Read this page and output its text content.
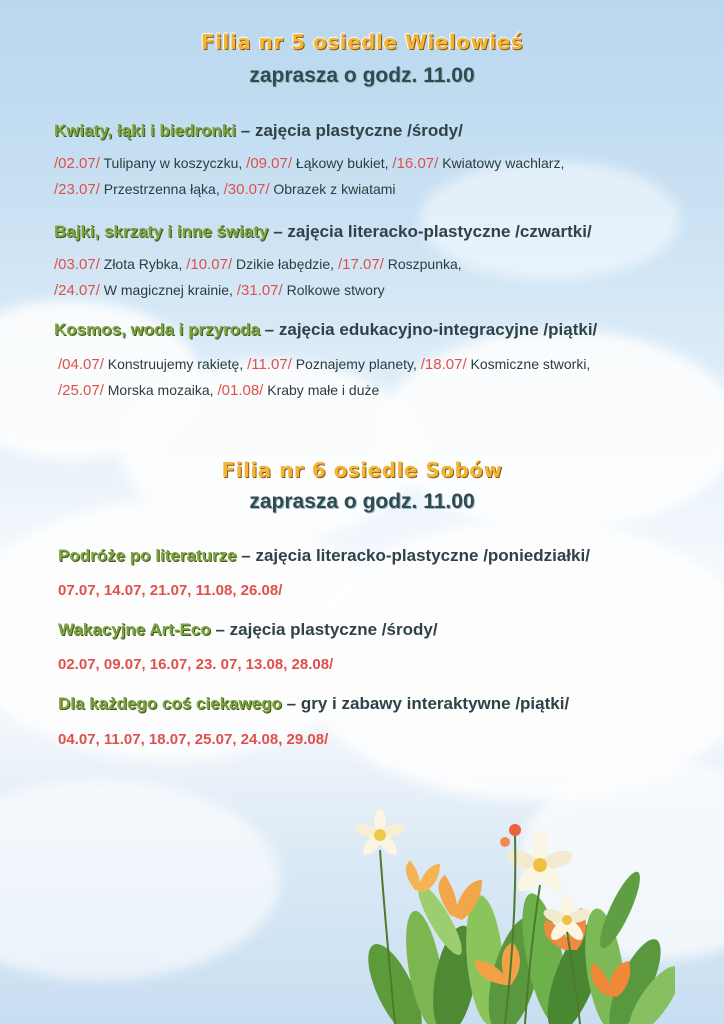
Filia nr 5 osiedle Wielowieś
zaprasza o godz. 11.00
Kwiaty, łąki i biedronki – zajęcia plastyczne /środy/
/02.07/ Tulipany w koszyczku, /09.07/ Łąkowy bukiet, /16.07/ Kwiatowy wachlarz,
/23.07/ Przestrzenna łąka, /30.07/ Obrazek z kwiatami
Bajki, skrzaty i inne światy – zajęcia literacko-plastyczne /czwartki/
/03.07/ Złota Rybka, /10.07/ Dzikie łabędzie, /17.07/ Roszpunka,
/24.07/ W magicznej krainie, /31.07/ Rolkowe stwory
Kosmos, woda i przyroda – zajęcia edukacyjno-integracyjne /piątki/
/04.07/ Konstruujemy rakietę, /11.07/ Poznajemy planety, /18.07/ Kosmiczne stworki,
/25.07/ Morska mozaika, /01.08/ Kraby małe i duże
Filia nr 6 osiedle Sobów
zaprasza o godz. 11.00
Podróże po literaturze – zajęcia literacko-plastyczne /poniedziałki/
07.07, 14.07, 21.07, 11.08, 26.08/
Wakacyjne Art-Eco – zajęcia plastyczne /środy/
02.07, 09.07, 16.07, 23. 07, 13.08, 28.08/
Dla każdego coś ciekawego – gry i zabawy interaktywne /piątki/
04.07, 11.07, 18.07, 25.07, 24.08, 29.08/
